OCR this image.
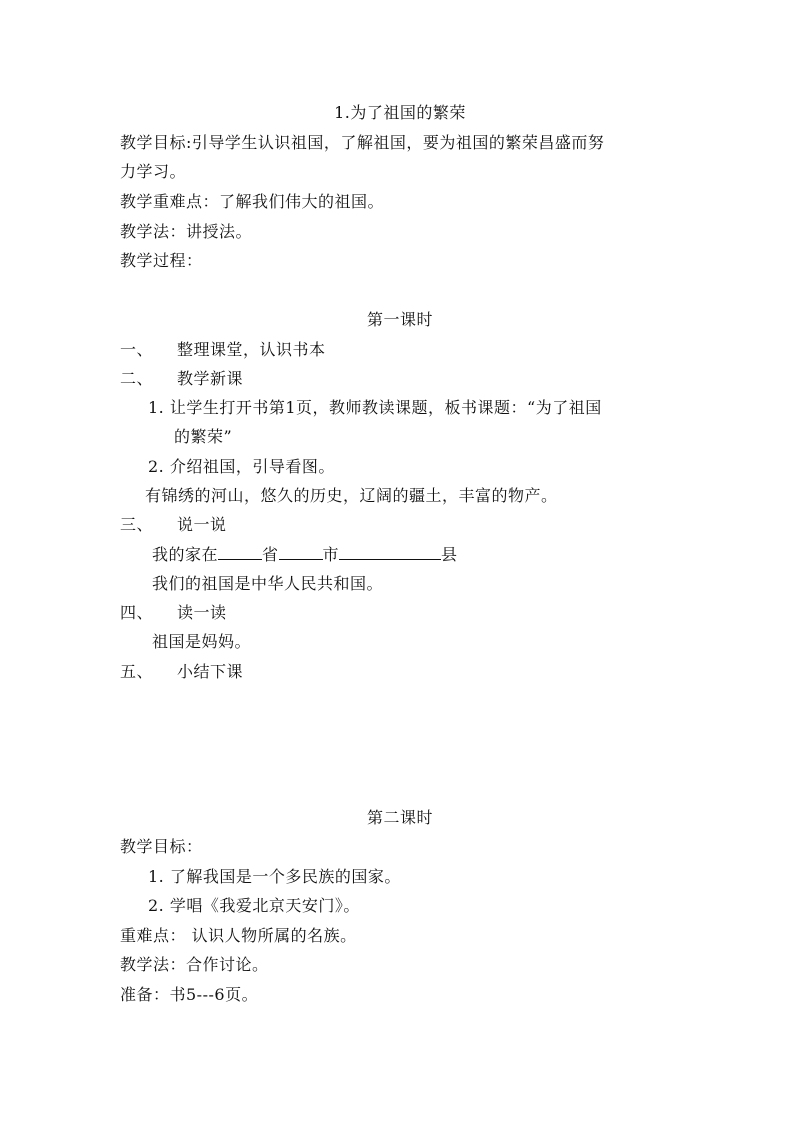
1.为了祖国的繁荣
教学目标:引导学生认识祖国，了解祖国，要为祖国的繁荣昌盛而努
力学习。
教学重难点：了解我们伟大的祖国。
教学法：讲授法。
教学过程：
第一课时
一、 整理课堂，认识书本
二、 教学新课
1. 让学生打开书第1页，教师教读课题，板书课题：“为了祖国
的繁荣”
2. 介绍祖国，引导看图。
有锦绣的河山，悠久的历史，辽阔的疆土，丰富的物产。
三、 说一说
我的家在	省	市	县
我们的祖国是中华人民共和国。
四、 读一读
祖国是妈妈。
五、 小结下课
第二课时
教学目标：
1. 了解我国是一个多民族的国家。
2. 学唱《我爱北京天安门》。
重难点： 认识人物所属的名族。
教学法：合作讨论。
准备：书5---6页。
